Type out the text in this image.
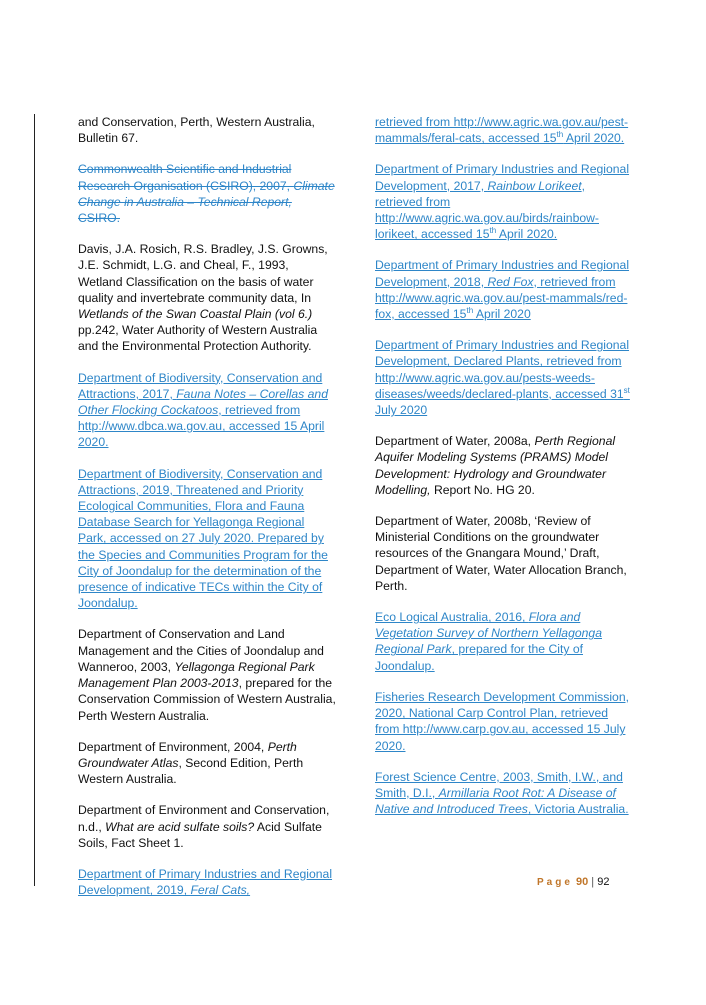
and Conservation, Perth, Western Australia, Bulletin 67.

Commonwealth Scientific and Industrial Research Organisation (CSIRO), 2007, Climate Change in Australia – Technical Report, CSIRO.

Davis, J.A. Rosich, R.S. Bradley, J.S. Growns, J.E. Schmidt, L.G. and Cheal, F., 1993, Wetland Classification on the basis of water quality and invertebrate community data, In Wetlands of the Swan Coastal Plain (vol 6.) pp.242, Water Authority of Western Australia and the Environmental Protection Authority.

Department of Biodiversity, Conservation and Attractions, 2017, Fauna Notes – Corellas and Other Flocking Cockatoos, retrieved from http://www.dbca.wa.gov.au, accessed 15 April 2020.

Department of Biodiversity, Conservation and Attractions, 2019, Threatened and Priority Ecological Communities, Flora and Fauna Database Search for Yellagonga Regional Park, accessed on 27 July 2020. Prepared by the Species and Communities Program for the City of Joondalup for the determination of the presence of indicative TECs within the City of Joondalup.

Department of Conservation and Land Management and the Cities of Joondalup and Wanneroo, 2003, Yellagonga Regional Park Management Plan 2003-2013, prepared for the Conservation Commission of Western Australia, Perth Western Australia.

Department of Environment, 2004, Perth Groundwater Atlas, Second Edition, Perth Western Australia.

Department of Environment and Conservation, n.d., What are acid sulfate soils? Acid Sulfate Soils, Fact Sheet 1.

Department of Primary Industries and Regional Development, 2019, Feral Cats,

retrieved from http://www.agric.wa.gov.au/pest-mammals/feral-cats, accessed 15th April 2020.

Department of Primary Industries and Regional Development, 2017, Rainbow Lorikeet, retrieved from http://www.agric.wa.gov.au/birds/rainbow-lorikeet, accessed 15th April 2020.

Department of Primary Industries and Regional Development, 2018, Red Fox, retrieved from http://www.agric.wa.gov.au/pest-mammals/red-fox, accessed 15th April 2020

Department of Primary Industries and Regional Development, Declared Plants, retrieved from http://www.agric.wa.gov.au/pests-weeds-diseases/weeds/declared-plants, accessed 31st July 2020

Department of Water, 2008a, Perth Regional Aquifer Modeling Systems (PRAMS) Model Development: Hydrology and Groundwater Modelling, Report No. HG 20.

Department of Water, 2008b, ‘Review of Ministerial Conditions on the groundwater resources of the Gnangara Mound,’ Draft, Department of Water, Water Allocation Branch, Perth.

Eco Logical Australia, 2016, Flora and Vegetation Survey of Northern Yellagonga Regional Park, prepared for the City of Joondalup.

Fisheries Research Development Commission, 2020, National Carp Control Plan, retrieved from http://www.carp.gov.au, accessed 15 July 2020.

Forest Science Centre, 2003, Smith, I.W., and Smith, D.I., Armillaria Root Rot: A Disease of Native and Introduced Trees, Victoria Australia.

Page 90 | 92
